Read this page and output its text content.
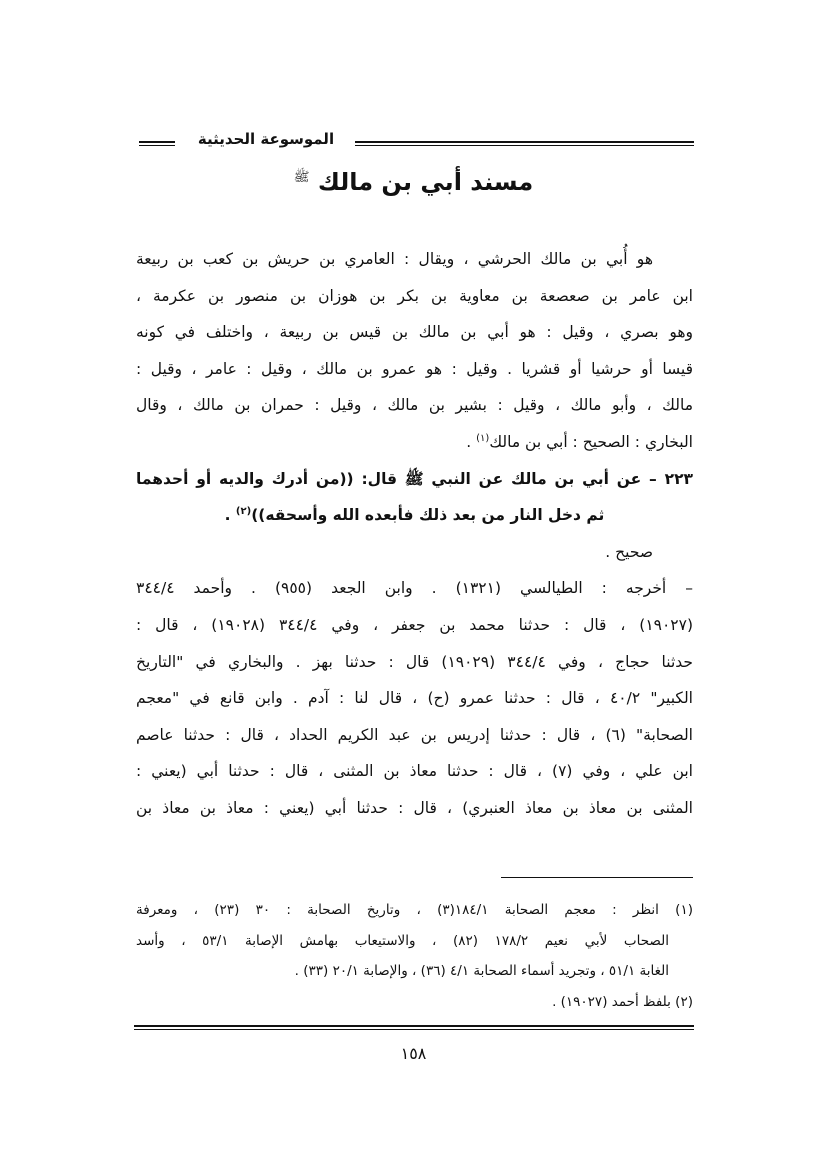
الموسوعة الحديثية
مسند أبي بن مالك $^ﷺ$
هو أُبي بن مالك الحرشي ، ويقال : العامري بن حريش بن كعب بن ربيعة
ابن عامر بن صعصعة بن معاوية بن بكر بن هوزان بن منصور بن عكرمة ،
وهو بصري ، وقيل : هو أبي بن مالك بن قيس بن ربيعة ، واختلف في كونه
قيسا أو حرشيا أو قشريا . وقيل : هو عمرو بن مالك ، وقيل : عامر ، وقيل :
مالك ، وأبو مالك ، وقيل : بشير بن مالك ، وقيل : حمران بن مالك ، وقال
البخاري : الصحيح : أبي بن مالك$^{(١)}$ .
٢٢٣ – عن أبي بن مالك عن النبي ﷺ قال: ((من أدرك والديه أو أحدهما
ثم دخل النار من بعد ذلك فأبعده الله وأسحقه))$^{(٢)}$ .
صحيح .
– أخرجه : الطيالسي (١٣٢١) . وابن الجعد (٩٥٥) . وأحمد ٣٤٤/٤
(١٩٠٢٧) ، قال : حدثنا محمد بن جعفر ، وفي ٣٤٤/٤ (١٩٠٢٨) ، قال :
حدثنا حجاج ، وفي ٣٤٤/٤ (١٩٠٢٩) قال : حدثنا بهز . والبخاري في "التاريخ
الكبير" ٤٠/٢ ، قال : حدثنا عمرو (ح) ، قال لنا : آدم . وابن قانع في "معجم
الصحابة" (٦) ، قال : حدثنا إدريس بن عبد الكريم الحداد ، قال : حدثنا عاصم
ابن علي ، وفي (٧) ، قال : حدثنا معاذ بن المثنى ، قال : حدثنا أبي (يعني :
المثنى بن معاذ بن معاذ العنبري) ، قال : حدثنا أبي (يعني : معاذ بن معاذ بن
(١) انظر : معجم الصحابة ١٨٤/١(٣) ، وتاريخ الصحابة : ٣٠ (٢٣) ، ومعرفة
الصحاب لأبي نعيم ١٧٨/٢ (٨٢) ، والاستيعاب بهامش الإصابة ٥٣/١ ، وأسد
الغابة ٥١/١ ، وتجريد أسماء الصحابة ٤/١ (٣٦) ، والإصابة ٢٠/١ (٣٣) .
(٢) بلفظ أحمد (١٩٠٢٧) .
١٥٨
